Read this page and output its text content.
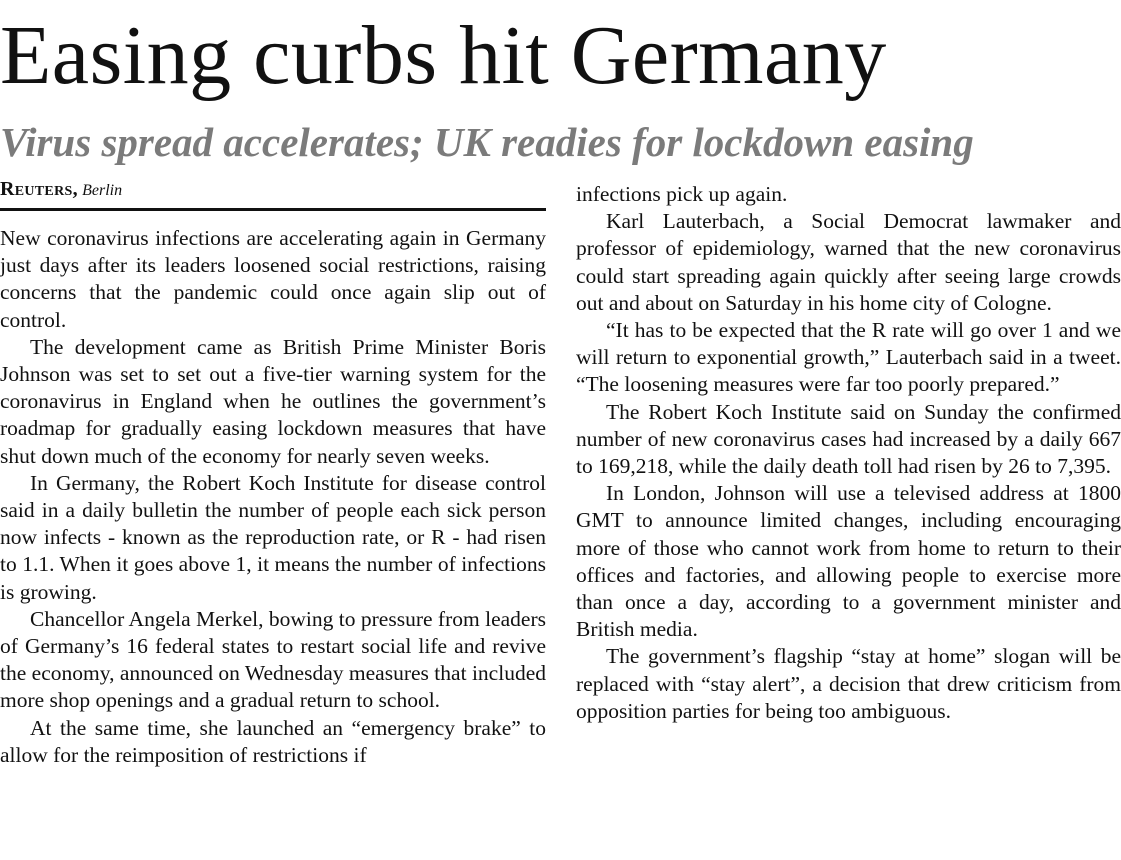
Easing curbs hit Germany
Virus spread accelerates; UK readies for lockdown easing
Reuters, Berlin

New coronavirus infections are accelerating again in Germany just days after its leaders loosened social restrictions, raising concerns that the pandemic could once again slip out of control.

The development came as British Prime Minister Boris Johnson was set to set out a five-tier warning system for the coronavirus in England when he outlines the government’s roadmap for gradually easing lockdown measures that have shut down much of the economy for nearly seven weeks.

In Germany, the Robert Koch Institute for disease control said in a daily bulletin the number of people each sick person now infects - known as the reproduction rate, or R - had risen to 1.1. When it goes above 1, it means the number of infections is growing.

Chancellor Angela Merkel, bowing to pressure from leaders of Germany’s 16 federal states to restart social life and revive the economy, announced on Wednesday measures that included more shop openings and a gradual return to school.

At the same time, she launched an “emergency brake” to allow for the reimposition of restrictions if

infections pick up again.

Karl Lauterbach, a Social Democrat lawmaker and professor of epidemiology, warned that the new coronavirus could start spreading again quickly after seeing large crowds out and about on Saturday in his home city of Cologne.

“It has to be expected that the R rate will go over 1 and we will return to exponential growth,” Lauterbach said in a tweet. “The loosening measures were far too poorly prepared.”

The Robert Koch Institute said on Sunday the confirmed number of new coronavirus cases had increased by a daily 667 to 169,218, while the daily death toll had risen by 26 to 7,395.

In London, Johnson will use a televised address at 1800 GMT to announce limited changes, including encouraging more of those who cannot work from home to return to their offices and factories, and allowing people to exercise more than once a day, according to a government minister and British media.

The government’s flagship “stay at home” slogan will be replaced with “stay alert”, a decision that drew criticism from opposition parties for being too ambiguous.
